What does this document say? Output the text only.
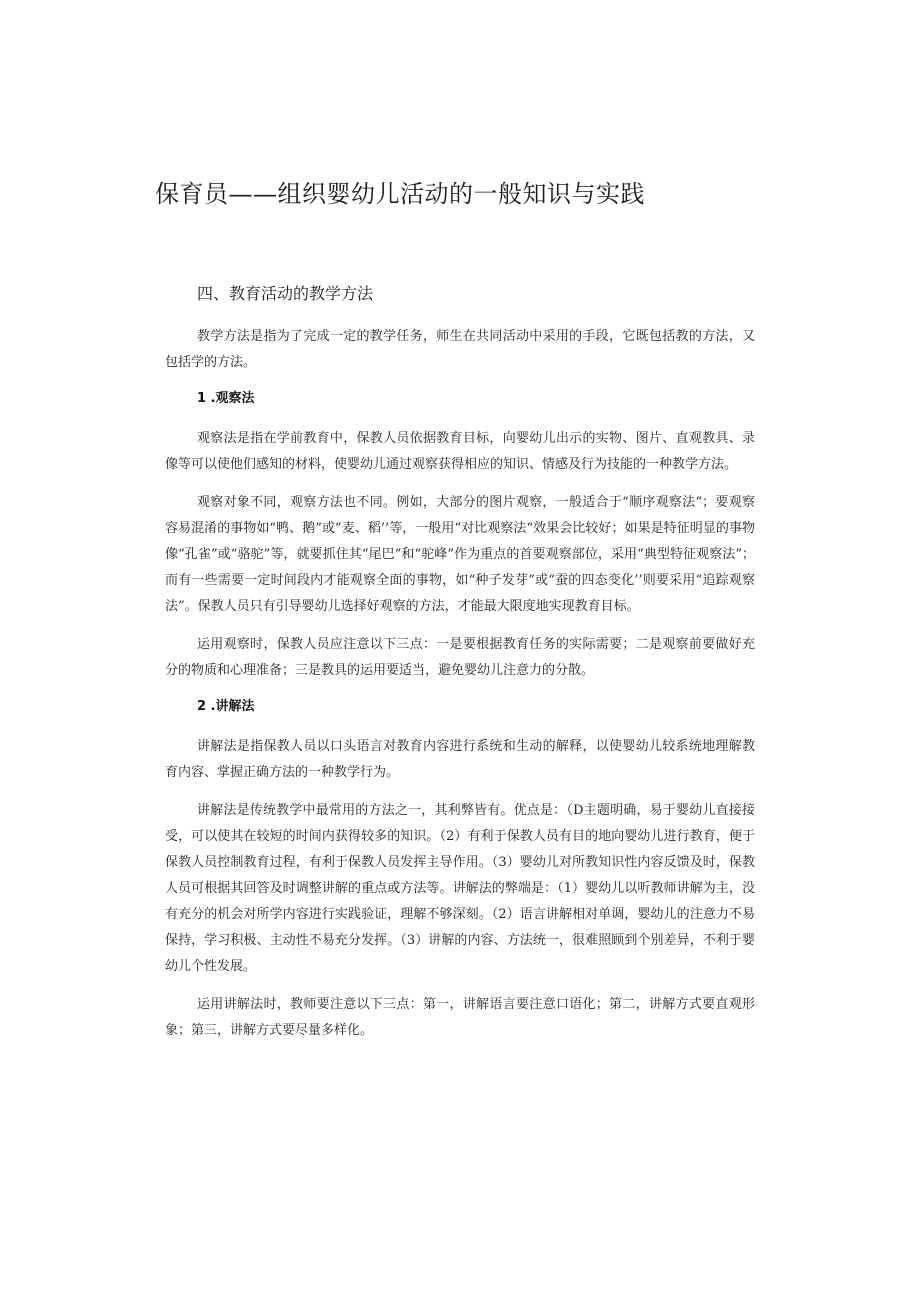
保育员——组织婴幼儿活动的一般知识与实践
四、教育活动的教学方法

教学方法是指为了完成一定的教学任务，师生在共同活动中采用的手段，它既包括教的方法，又包括学的方法。

1 .观察法

观察法是指在学前教育中，保教人员依据教育目标，向婴幼儿出示的实物、图片、直观教具、录像等可以使他们感知的材料，使婴幼儿通过观察获得相应的知识、情感及行为技能的一种教学方法。

观察对象不同，观察方法也不同。例如，大部分的图片观察，一般适合于“顺序观察法“；要观察容易混淆的事物如“鸭、鹅”或”麦、稻’’等，一般用“对比观察法“效果会比较好；如果是特征明显的事物像“孔雀”或“骆驼”等，就要抓住其“尾巴”和“驼峰”作为重点的首要观察部位，采用“典型特征观察法”；而有一些需要一定时间段内才能观察全面的事物，如“种子发芽”或“蚕的四态变化’’则要采用“追踪观察法”。保教人员只有引导婴幼儿选择好观察的方法，才能最大限度地实现教育目标。

运用观察时，保教人员应注意以下三点：一是要根据教育任务的实际需要；二是观察前要做好充分的物质和心理准备；三是教具的运用要适当，避免婴幼儿注意力的分散。

2 .讲解法

讲解法是指保教人员以口头语言对教育内容进行系统和生动的解释，以使婴幼儿较系统地理解教育内容、掌握正确方法的一种教学行为。

讲解法是传统教学中最常用的方法之一，其利弊皆有。优点是：（D主题明确，易于婴幼儿直接接受，可以使其在较短的时间内获得较多的知识。（2）有利于保教人员有目的地向婴幼儿进行教育，便于保教人员控制教育过程，有利于保教人员发挥主导作用。（3）婴幼儿对所教知识性内容反馈及时，保教人员可根据其回答及时调整讲解的重点或方法等。讲解法的弊端是：（1）婴幼儿以听教师讲解为主，没有充分的机会对所学内容进行实践验证，理解不够深刻。（2）语言讲解相对单调，婴幼儿的注意力不易保持，学习积极、主动性不易充分发挥。（3）讲解的内容、方法统一，很难照顾到个别差异，不利于婴幼儿个性发展。

运用讲解法时，教师要注意以下三点：第一，讲解语言要注意口语化；第二，讲解方式要直观形象；第三，讲解方式要尽量多样化。
